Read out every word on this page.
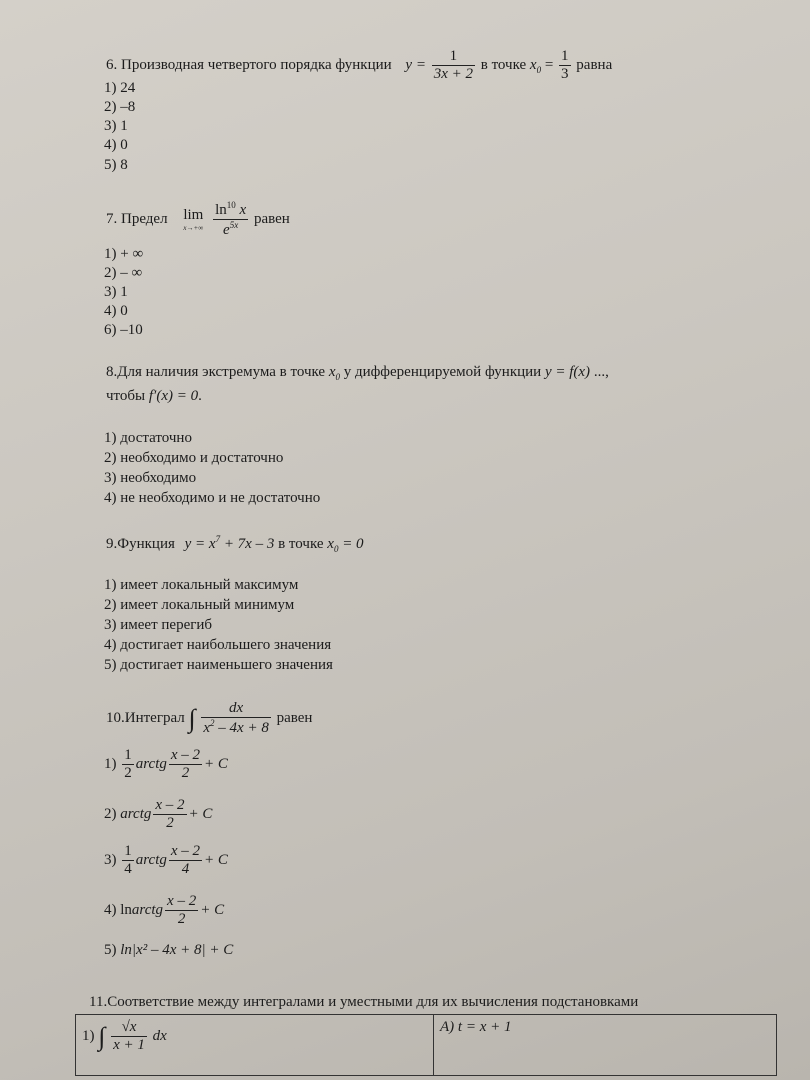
6. Производная четвертого порядка функции $y = \frac{1}{3x + 2}$ в точке $x_0 = \frac{1}{3}$ равна
1) 24
2) –8
3) 1
4) 0
5) 8
7. Предел lim
x→+∞
$\frac{\ln^{10} x}{e^{5x}}$ равен
1) + ∞
2) – ∞
3) 1
4) 0
6) –10
8.Для наличия экстремума в точке $x_0$ у дифференцируемой функции y = f(x) ...,
чтобы f′(x) = 0.
1) достаточно
2) необходимо и достаточно
3) необходимо
4) не необходимо и не достаточно
9.Функция $y = x^7 + 7x - 3$ в точке $x_0 = 0$
1) имеет локальный максимум
2) имеет локальный минимум
3) имеет перегиб
4) достигает наибольшего значения
5) достигает наименьшего значения
10.Интеграл ∫ $\frac{dx}{x^2 - 4x + 8}$ равен
$1) \frac{1}{2}$ arctg $\frac{x - 2}{2} + C$
2) arctg $\frac{x - 2}{2} + C$
$3) \frac{1}{4}$ arctg $\frac{x - 2}{4} + C$
4) lnarctg $\frac{x - 2}{2} + C$
5) ln|x² – 4x + 8| + C
11.Соответствие между интегралами и уместными для их вычисления подстановками
1) ∫ $\frac{√x}{x + 1}$ dx	A) t = x + 1
